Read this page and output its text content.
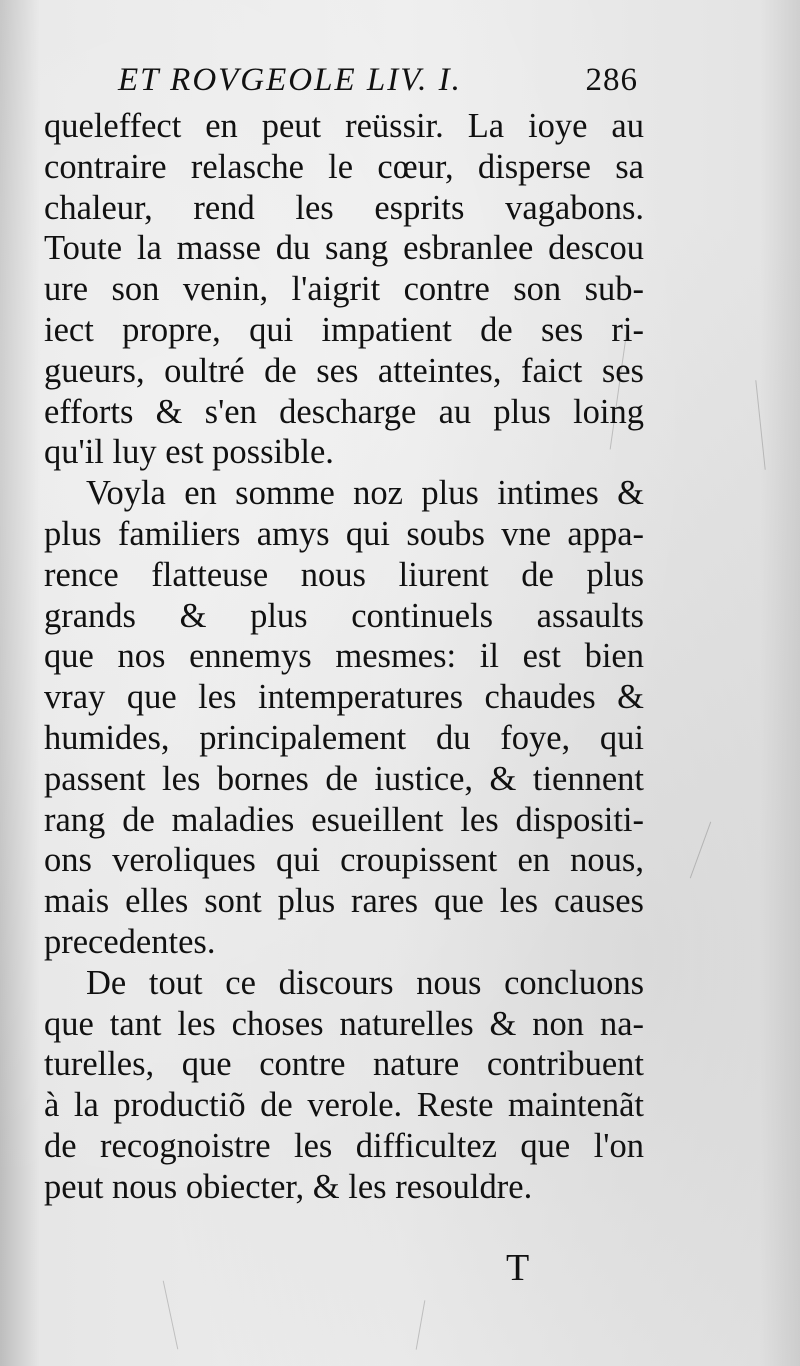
ET ROVGEOLE LIV. I.	286
queleffect en peut reüssir. La ioye au
contraire relasche le cœur, disperse sa
chaleur, rend les esprits vagabons.
Toute la masse du sang esbranlee descou
ure son venin, l'aigrit contre son sub-
iect propre, qui impatient de ses ri-
gueurs, oultré de ses atteintes, faict ses
efforts & s'en descharge au plus loing
qu'il luy est possible.
Voyla en somme noz plus intimes &
plus familiers amys qui soubs vne appa-
rence flatteuse nous liurent de plus
grands & plus continuels assaults
que nos ennemys mesmes: il est bien
vray que les intemperatures chaudes &
humides, principalement du foye, qui
passent les bornes de iustice, & tiennent
rang de maladies esueillent les dispositi-
ons veroliques qui croupissent en nous,
mais elles sont plus rares que les causes
precedentes.
De tout ce discours nous concluons
que tant les choses naturelles & non na-
turelles, que contre nature contribuent
à la productiõ de verole. Reste maintenãt
de recognoistre les difficultez que l'on
peut nous obiecter, & les resouldre.
T
